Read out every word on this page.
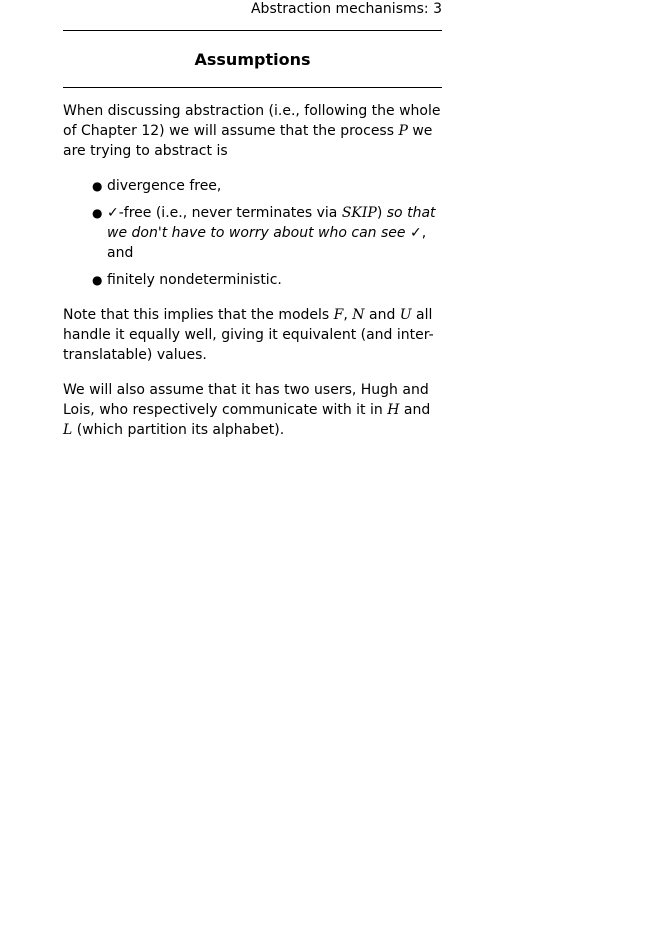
Abstraction mechanisms: 3
Assumptions

When discussing abstraction (i.e., following the whole of Chapter 12) we will assume that the process P we are trying to abstract is

● divergence free,
● ✓-free (i.e., never terminates via SKIP) so that we don't have to worry about who can see ✓, and
● finitely nondeterministic.

Note that this implies that the models F, N and U all handle it equally well, giving it equivalent (and inter-translatable) values.

We will also assume that it has two users, Hugh and Lois, who respectively communicate with it in H and L (which partition its alphabet).
